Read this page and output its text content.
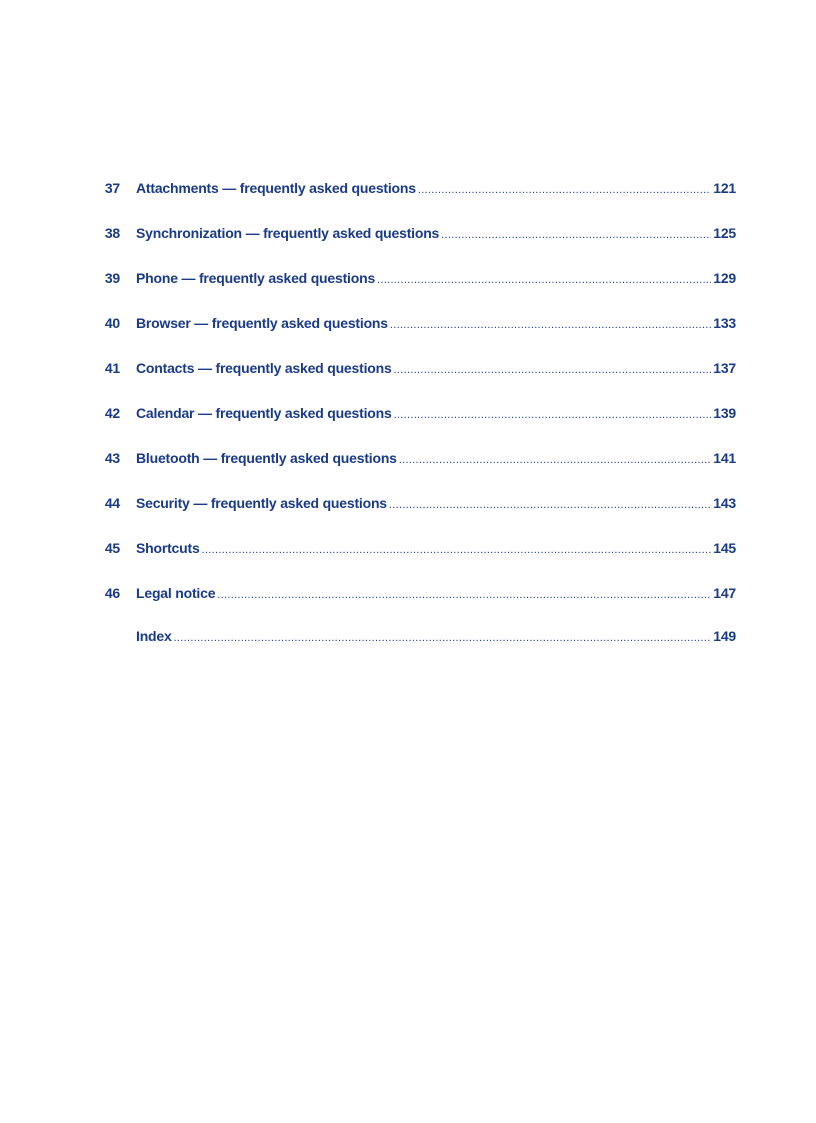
37 Attachments — frequently asked questions .....	121
38 Synchronization — frequently asked questions .....	125
39 Phone — frequently asked questions .....	129
40 Browser — frequently asked questions .....	133
41 Contacts — frequently asked questions .....	137
42 Calendar — frequently asked questions .....	139
43 Bluetooth — frequently asked questions .....	141
44 Security — frequently asked questions .....	143
45 Shortcuts .....	145
46 Legal notice .....	147
Index .....	149
